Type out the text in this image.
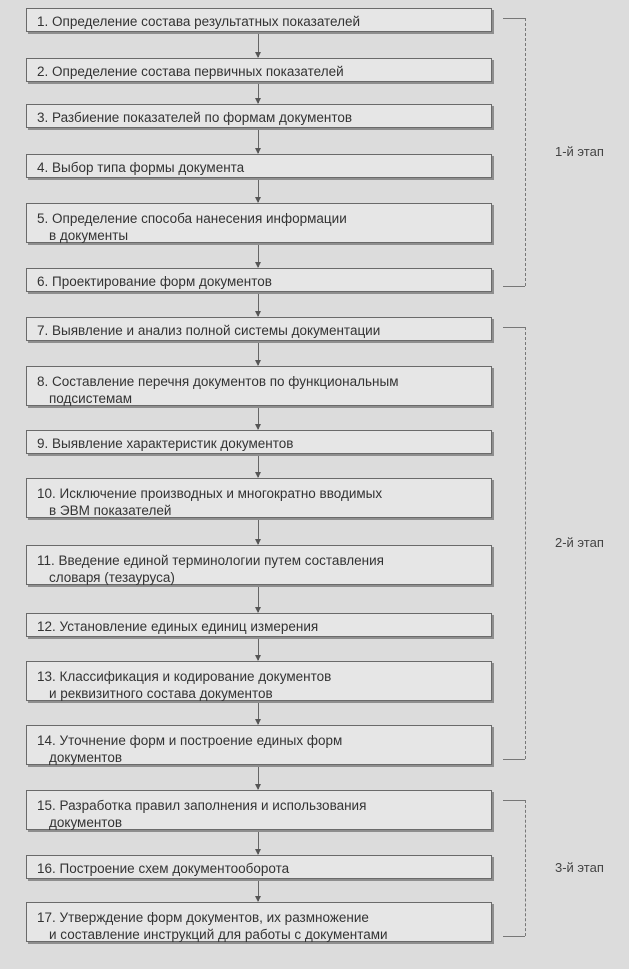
1. Определение состава результатных показателей
2. Определение состава первичных показателей
3. Разбиение показателей по формам документов
4. Выбор типа формы документа
5. Определение способа нанесения информации
в документы
6. Проектирование форм документов
7. Выявление и анализ полной системы документации
8. Составление перечня документов по функциональным
подсистемам
9. Выявление характеристик документов
10. Исключение производных и многократно вводимых
в ЭВМ показателей
11. Введение единой терминологии путем составления
словаря (тезауруса)
12. Установление единых единиц измерения
13. Классификация и кодирование документов
и реквизитного состава документов
14. Уточнение форм и построение единых форм
документов
15. Разработка правил заполнения и использования
документов
16. Построение схем документооборота
17. Утверждение форм документов, их размножение
и составление инструкций для работы с документами
1-й этап
2-й этап
3-й этап
